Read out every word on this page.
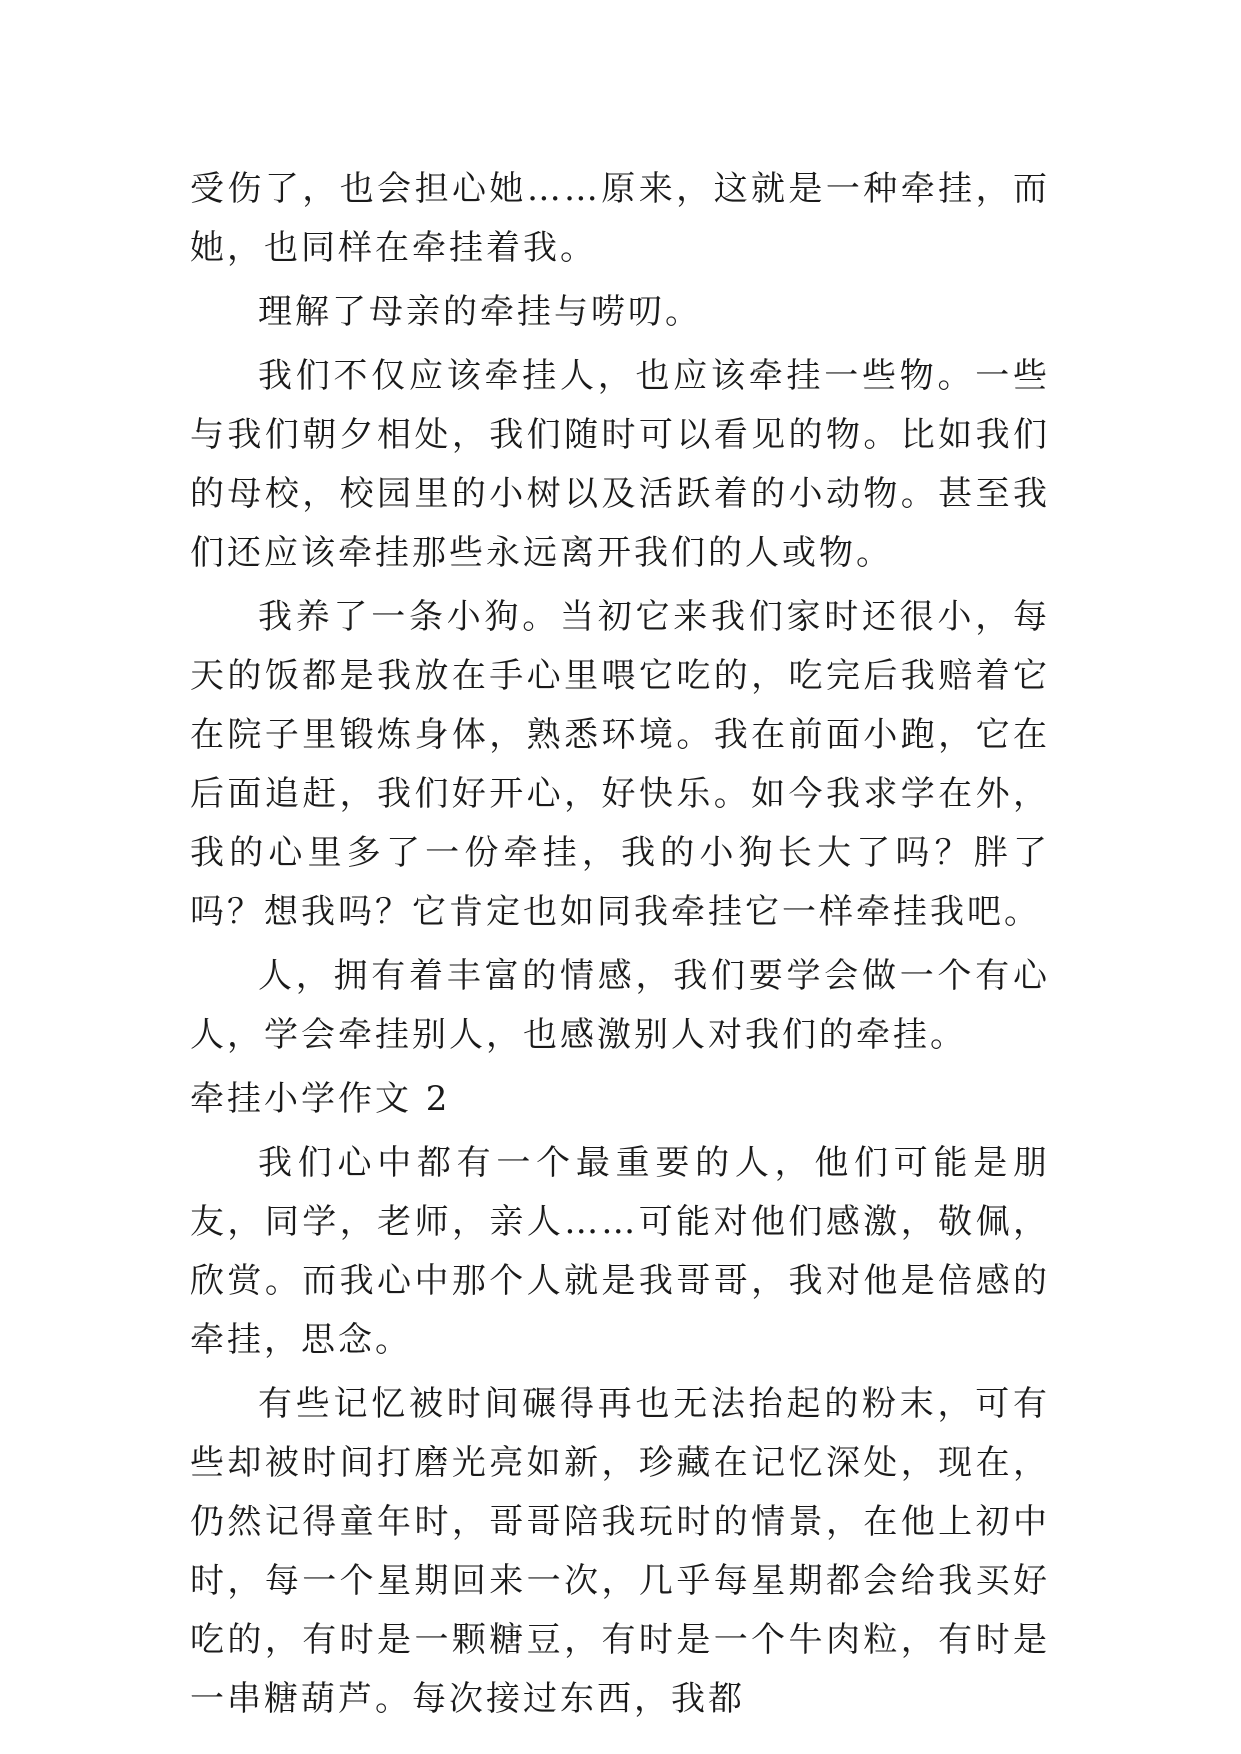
受伤了，也会担心她……原来，这就是一种牵挂，而她，也同样在牵挂着我。

理解了母亲的牵挂与唠叨。

我们不仅应该牵挂人，也应该牵挂一些物。一些与我们朝夕相处，我们随时可以看见的物。比如我们的母校，校园里的小树以及活跃着的小动物。甚至我们还应该牵挂那些永远离开我们的人或物。

我养了一条小狗。当初它来我们家时还很小，每天的饭都是我放在手心里喂它吃的，吃完后我赔着它在院子里锻炼身体，熟悉环境。我在前面小跑，它在后面追赶，我们好开心，好快乐。如今我求学在外，我的心里多了一份牵挂，我的小狗长大了吗？胖了吗？想我吗？它肯定也如同我牵挂它一样牵挂我吧。

人，拥有着丰富的情感，我们要学会做一个有心人，学会牵挂别人，也感激别人对我们的牵挂。

牵挂小学作文 2

我们心中都有一个最重要的人，他们可能是朋友，同学，老师，亲人……可能对他们感激，敬佩，欣赏。而我心中那个人就是我哥哥，我对他是倍感的牵挂，思念。

有些记忆被时间碾得再也无法抬起的粉末，可有些却被时间打磨光亮如新，珍藏在记忆深处，现在，仍然记得童年时，哥哥陪我玩时的情景，在他上初中时，每一个星期回来一次，几乎每星期都会给我买好吃的，有时是一颗糖豆，有时是一个牛肉粒，有时是一串糖葫芦。每次接过东西，我都
